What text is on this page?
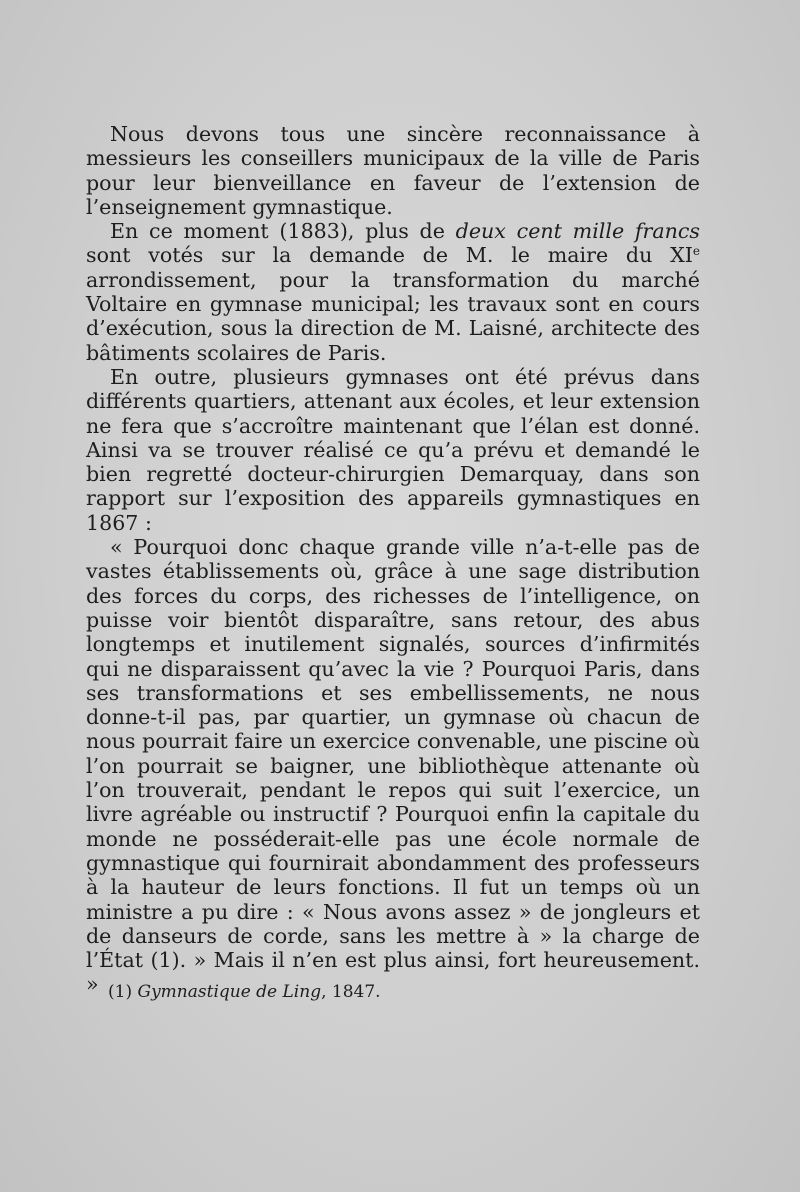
Nous devons tous une sincère reconnaissance à messieurs les conseillers municipaux de la ville de Paris pour leur bienveillance en faveur de l’extension de l’enseignement gymnastique.

En ce moment (1883), plus de deux cent mille francs sont votés sur la demande de M. le maire du XIe arrondissement, pour la transformation du marché Voltaire en gymnase municipal; les travaux sont en cours d’exécution, sous la direction de M. Laisné, architecte des bâtiments scolaires de Paris.

En outre, plusieurs gymnases ont été prévus dans différents quartiers, attenant aux écoles, et leur extension ne fera que s’accroître maintenant que l’élan est donné. Ainsi va se trouver réalisé ce qu’a prévu et demandé le bien regretté docteur-chirurgien Demarquay, dans son rapport sur l’exposition des appareils gymnastiques en 1867 :

« Pourquoi donc chaque grande ville n’a-t-elle pas de vastes établissements où, grâce à une sage distribution des forces du corps, des richesses de l’intelligence, on puisse voir bientôt disparaître, sans retour, des abus longtemps et inutilement signalés, sources d’infirmités qui ne disparaissent qu’avec la vie ? Pourquoi Paris, dans ses transformations et ses embellissements, ne nous donne-t-il pas, par quartier, un gymnase où chacun de nous pourrait faire un exercice convenable, une piscine où l’on pourrait se baigner, une bibliothèque attenante où l’on trouverait, pendant le repos qui suit l’exercice, un livre agréable ou instructif ? Pourquoi enfin la capitale du monde ne posséderait-elle pas une école normale de gymnastique qui fournirait abondamment des professeurs à la hauteur de leurs fonctions. Il fut un temps où un ministre a pu dire : « Nous avons assez » de jongleurs et de danseurs de corde, sans les mettre à » la charge de l’État (1). » Mais il n’en est plus ainsi, fort heureusement. » (1) Gymnastique de Ling, 1847.
